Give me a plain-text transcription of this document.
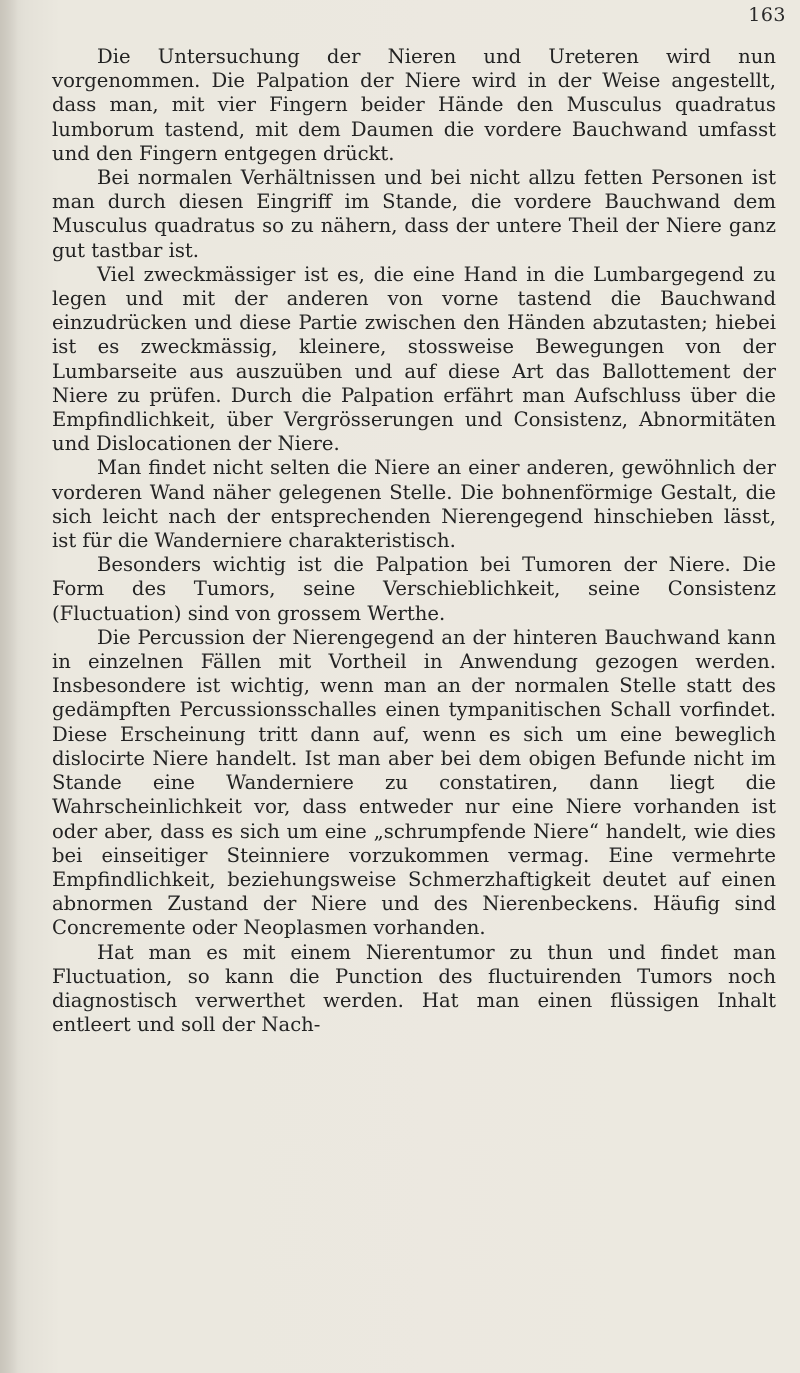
163

Die Untersuchung der Nieren und Ureteren wird nun vorgenommen. Die Palpation der Niere wird in der Weise angestellt, dass man, mit vier Fingern beider Hände den Musculus quadratus lumborum tastend, mit dem Daumen die vordere Bauchwand umfasst und den Fingern entgegen drückt.

Bei normalen Verhältnissen und bei nicht allzu fetten Personen ist man durch diesen Eingriff im Stande, die vordere Bauchwand dem Musculus quadratus so zu nähern, dass der untere Theil der Niere ganz gut tastbar ist.

Viel zweckmässiger ist es, die eine Hand in die Lumbargegend zu legen und mit der anderen von vorne tastend die Bauchwand einzudrücken und diese Partie zwischen den Händen abzutasten; hiebei ist es zweckmässig, kleinere, stossweise Bewegungen von der Lumbarseite aus auszuüben und auf diese Art das Ballottement der Niere zu prüfen. Durch die Palpation erfährt man Aufschluss über die Empfindlichkeit, über Vergrösserungen und Consistenz, Abnormitäten und Dislocationen der Niere.

Man findet nicht selten die Niere an einer anderen, gewöhnlich der vorderen Wand näher gelegenen Stelle. Die bohnenförmige Gestalt, die sich leicht nach der entsprechenden Nierengegend hinschieben lässt, ist für die Wanderniere charakteristisch.

Besonders wichtig ist die Palpation bei Tumoren der Niere. Die Form des Tumors, seine Verschieblichkeit, seine Consistenz (Fluctuation) sind von grossem Werthe.

Die Percussion der Nierengegend an der hinteren Bauchwand kann in einzelnen Fällen mit Vortheil in Anwendung gezogen werden. Insbesondere ist wichtig, wenn man an der normalen Stelle statt des gedämpften Percussionsschalles einen tympanitischen Schall vorfindet. Diese Erscheinung tritt dann auf, wenn es sich um eine beweglich dislocirte Niere handelt. Ist man aber bei dem obigen Befunde nicht im Stande eine Wanderniere zu constatiren, dann liegt die Wahrscheinlichkeit vor, dass entweder nur eine Niere vorhanden ist oder aber, dass es sich um eine „schrumpfende Niere“ handelt, wie dies bei einseitiger Steinniere vorzukommen vermag. Eine vermehrte Empfindlichkeit, beziehungsweise Schmerzhaftigkeit deutet auf einen abnormen Zustand der Niere und des Nierenbeckens. Häufig sind Concremente oder Neoplasmen vorhanden.

Hat man es mit einem Nierentumor zu thun und findet man Fluctuation, so kann die Punction des fluctuirenden Tumors noch diagnostisch verwerthet werden. Hat man einen flüssigen Inhalt entleert und soll der Nach-
